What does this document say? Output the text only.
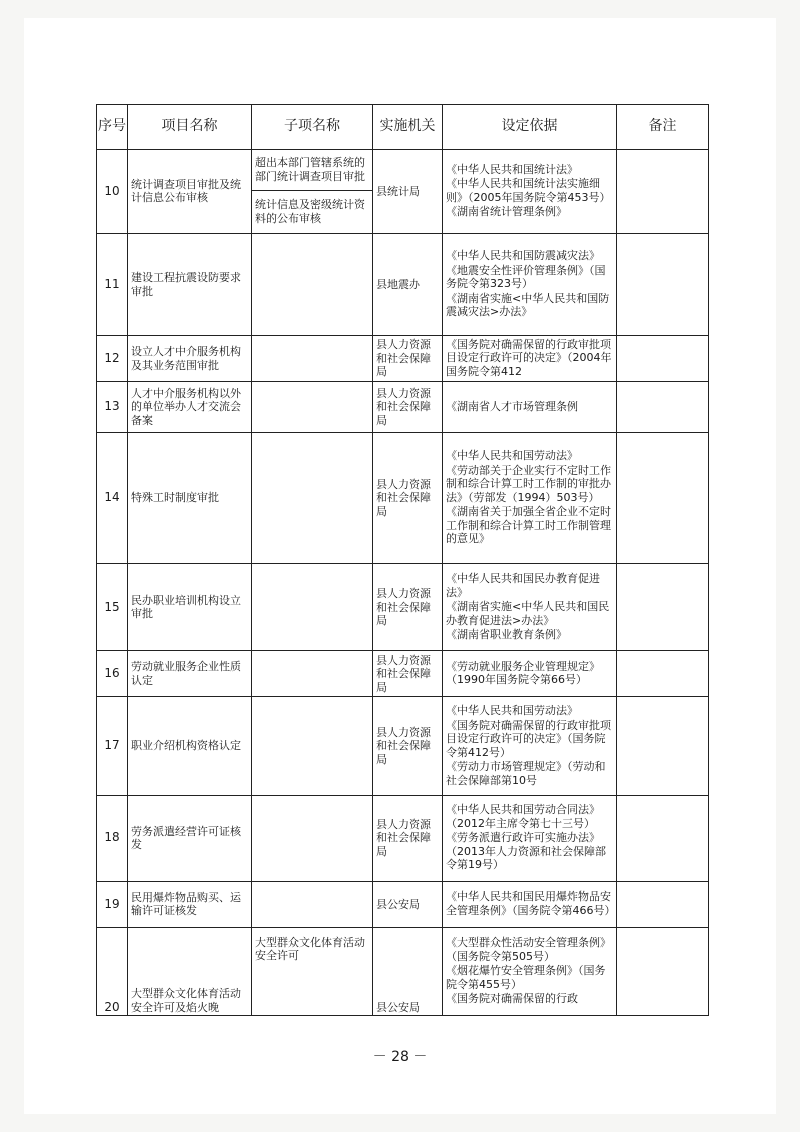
序号	项目名称	子项名称	实施机关	设定依据	备注
10	统计调查项目审批及统计信息公布审核	超出本部门管辖系统的部门统计调查项目审批	县统计局	《中华人民共和国统计法》

《中华人民共和国统计法实施细则》（2005年国务院令第453号）

《湖南省统计管理条例》	

		统计信息及密级统计资料的公布审核			
11	建设工程抗震设防要求审批		县地震办	《中华人民共和国防震减灾法》

《地震安全性评价管理条例》（国务院令第323号）

《湖南省实施<中华人民共和国防震减灾法>办法》	

12	设立人才中介服务机构及其业务范围审批		县人力资源和社会保障局	《国务院对确需保留的行政审批项目设定行政许可的决定》（2004年国务院令第412	

13	人才中介服务机构以外的单位举办人才交流会备案		县人力资源和社会保障局	《湖南省人才市场管理条例	

14	特殊工时制度审批		县人力资源和社会保障局	《中华人民共和国劳动法》

《劳动部关于企业实行不定时工作制和综合计算工时工作制的审批办法》（劳部发（1994）503号）

《湖南省关于加强全省企业不定时工作制和综合计算工时工作制管理的意见》	

15	民办职业培训机构设立审批		县人力资源和社会保障局	《中华人民共和国民办教育促进法》

《湖南省实施<中华人民共和国民办教育促进法>办法》

《湖南省职业教育条例》	

16	劳动就业服务企业性质认定		县人力资源和社会保障局	《劳动就业服务企业管理规定》（1990年国务院令第66号）	

17	职业介绍机构资格认定		县人力资源和社会保障局	《中华人民共和国劳动法》

《国务院对确需保留的行政审批项目设定行政许可的决定》（国务院令第412号）

《劳动力市场管理规定》（劳动和社会保障部第10号	

18	劳务派遣经营许可证核发		县人力资源和社会保障局	《中华人民共和国劳动合同法》（2012年主席令第七十三号）

《劳务派遣行政许可实施办法》（2013年人力资源和社会保障部令第19号）	

19	民用爆炸物品购买、运输许可证核发		县公安局	《中华人民共和国民用爆炸物品安全管理条例》（国务院令第466号）	

20	大型群众文化体育活动安全许可及焰火晚	大型群众文化体育活动安全许可	县公安局	《大型群众性活动安全管理条例》（国务院令第505号）

《烟花爆竹安全管理条例》（国务院令第455号）

《国务院对确需保留的行政	

－ 28 －
